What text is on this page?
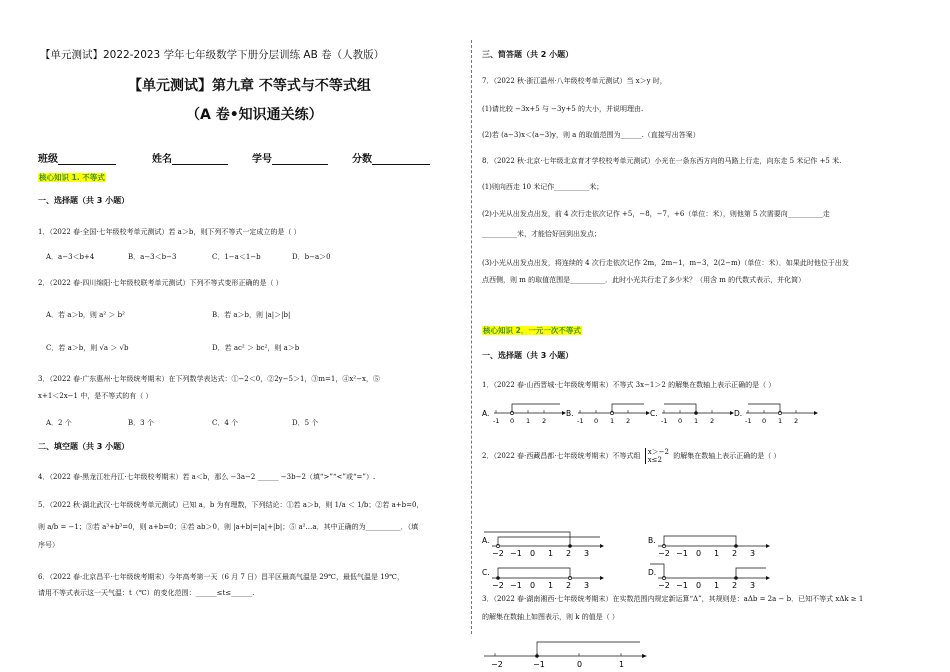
【单元测试】2022-2023 学年七年级数学下册分层训练 AB 卷（人教版）
【单元测试】第九章 不等式与不等式组
（A 卷•知识通关练）
班级	姓名	学号	分数
核心知识 1. 不等式
一、选择题（共 3 小题）
1．（2022 春·全国·七年级校考单元测试）若 a＞b，则下列不等式一定成立的是（ ）
A．a−3＜b+4	B．a−3＜b−3	C．1−a＜1−b	D．b−a＞0
2．（2022 春·四川绵阳·七年级校联考单元测试）下列不等式变形正确的是（ ）
A．若 a＞b，则 a² ＞ b²	B．若 a＞b，则 |a|＞|b|
C．若 a＞b，则 √a ＞ √b	D．若 ac² ＞ bc²，则 a＞b
3．（2022 春·广东惠州·七年级统考期末）在下列数学表达式：①−2＜0，②2y−5＞1，③m=1，④x²−x，⑤
x+1＜2x−1 中，是不等式的有（ ）
A．2 个	B．3 个	C．4 个	D．5 个
二、填空题（共 3 小题）
4．（2022 春·黑龙江牡丹江·七年级校考期末）若 a＜b，那么 −3a−2 ______ −3b−2（填“>”“<”或“=”）.
5．（2022 秋·湖北武汉·七年级统考单元测试）已知 a，b 为有理数，下列结论：①若 a＞b，则 1/a ＜ 1/b；②若 a+b=0，
则 a/b = −1；③若 a³+b³=0，则 a+b=0；④若 ab＞0，则 |a+b|=|a|+|b|；⑤ a²…a．其中正确的为__________．（填
序号）
6．（2022 春·北京昌平·七年级统考期末）今年高考第一天（6 月 7 日）昌平区最高气温是 29℃，最低气温是 19℃，
请用不等式表示这一天气温：t（℃）的变化范围：______≤t≤______.
三、简答题（共 2 小题）
7．（2022 秋·浙江温州·八年级校考单元测试）当 x＞y 时，
(1)请比较 −3x+5 与 −3y+5 的大小，并说明理由.
(2)若 (a−3)x＜(a−3)y，则 a 的取值范围为______.（直接写出答案）
8．（2022 秋·北京·七年级北京育才学校校考单元测试）小光在一条东西方向的马路上行走，向东走 5 米记作 +5 米.
(1)则向西走 10 米记作__________米；
(2)小光从出发点出发，前 4 次行走依次记作 +5，−8，−7，+6（单位：米），则他第 5 次需要向__________走
__________米，才能恰好回到出发点；
(3)小光从出发点出发，将连续的 4 次行走依次记作 2m，2m−1，m−3，2(2−m)（单位：米）．如果此时他位于出发
点西侧，则 m 的取值范围是__________．此时小光共行走了多少米？（用含 m 的代数式表示，并化简）
核心知识 2．一元一次不等式
一、选择题（共 3 小题）
1．（2022 春·山西晋城·七年级统考期末）不等式 3x−1＞2 的解集在数轴上表示正确的是（ ）
A.
-1 0 1 2
B.
-1 0 1 2
C.
-1 0 1 2
D.
-1 0 1 2
2．（2022 春·西藏昌都·七年级统考期末）不等式组 x＞−2
x≤2	的解集在数轴上表示正确的是（ ）
A.
−2 −1 0 1 2 3
B.
−2 −1 0 1 2 3
C.
−2 −1 0 1 2 3
D.
−2 −1 0 1 2 3
3．（2022 春·湖南湘西·七年级统考期末）在实数范围内规定新运算“Δ”，其规则是：aΔb = 2a − b．已知不等式 xΔk ≥ 1
的解集在数轴上如图表示，则 k 的值是（ ）
−2	−1	0	1
